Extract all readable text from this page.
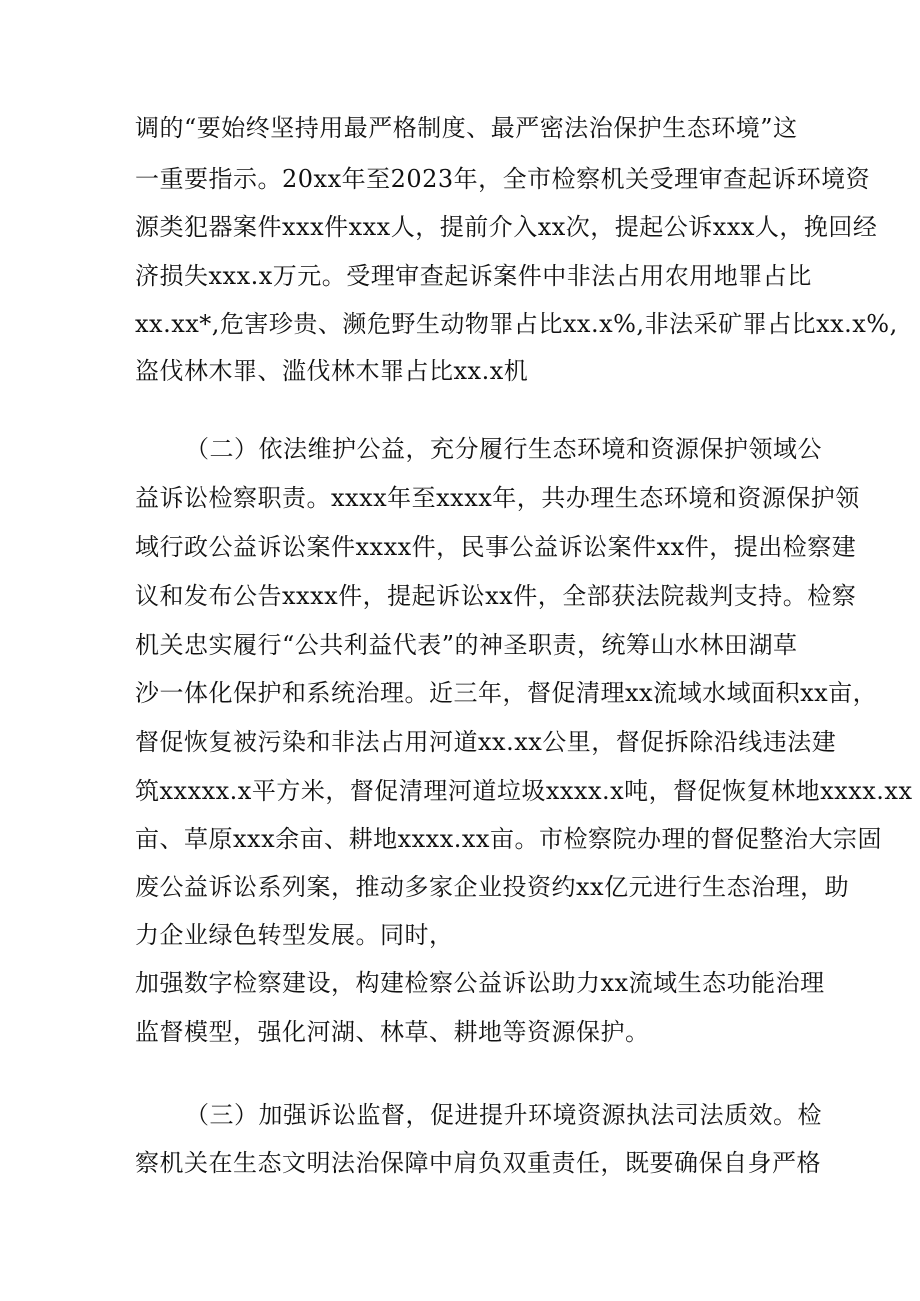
调的“要始终坚持用最严格制度、最严密法治保护生态环境”这
一重要指示。20xx年至2023年，全市检察机关受理审查起诉环境资
源类犯器案件xxx件xxx人，提前介入xx次，提起公诉xxx人，挽回经
济损失xxx.x万元。受理审查起诉案件中非法占用农用地罪占比
xx.xx*,危害珍贵、濒危野生动物罪占比xx.x%,非法采矿罪占比xx.x%,
盗伐林木罪、滥伐林木罪占比xx.x机
（二）依法维护公益，充分履行生态环境和资源保护领域公
益诉讼检察职责。xxxx年至xxxx年，共办理生态环境和资源保护领
域行政公益诉讼案件xxxx件，民事公益诉讼案件xx件，提出检察建
议和发布公告xxxx件，提起诉讼xx件，全部获法院裁判支持。检察
机关忠实履行“公共利益代表”的神圣职责，统筹山水林田湖草
沙一体化保护和系统治理。近三年，督促清理xx流域水域面积xx亩，
督促恢复被污染和非法占用河道xx.xx公里，督促拆除沿线违法建
筑xxxxx.x平方米，督促清理河道垃圾xxxx.x吨，督促恢复林地xxxx.xx
亩、草原xxx余亩、耕地xxxx.xx亩。市检察院办理的督促整治大宗固
废公益诉讼系列案，推动多家企业投资约xx亿元进行生态治理，助
力企业绿色转型发展。同时，
加强数字检察建设，构建检察公益诉讼助力xx流域生态功能治理
监督模型，强化河湖、林草、耕地等资源保护。
（三）加强诉讼监督，促进提升环境资源执法司法质效。检
察机关在生态文明法治保障中肩负双重责任，既要确保自身严格
